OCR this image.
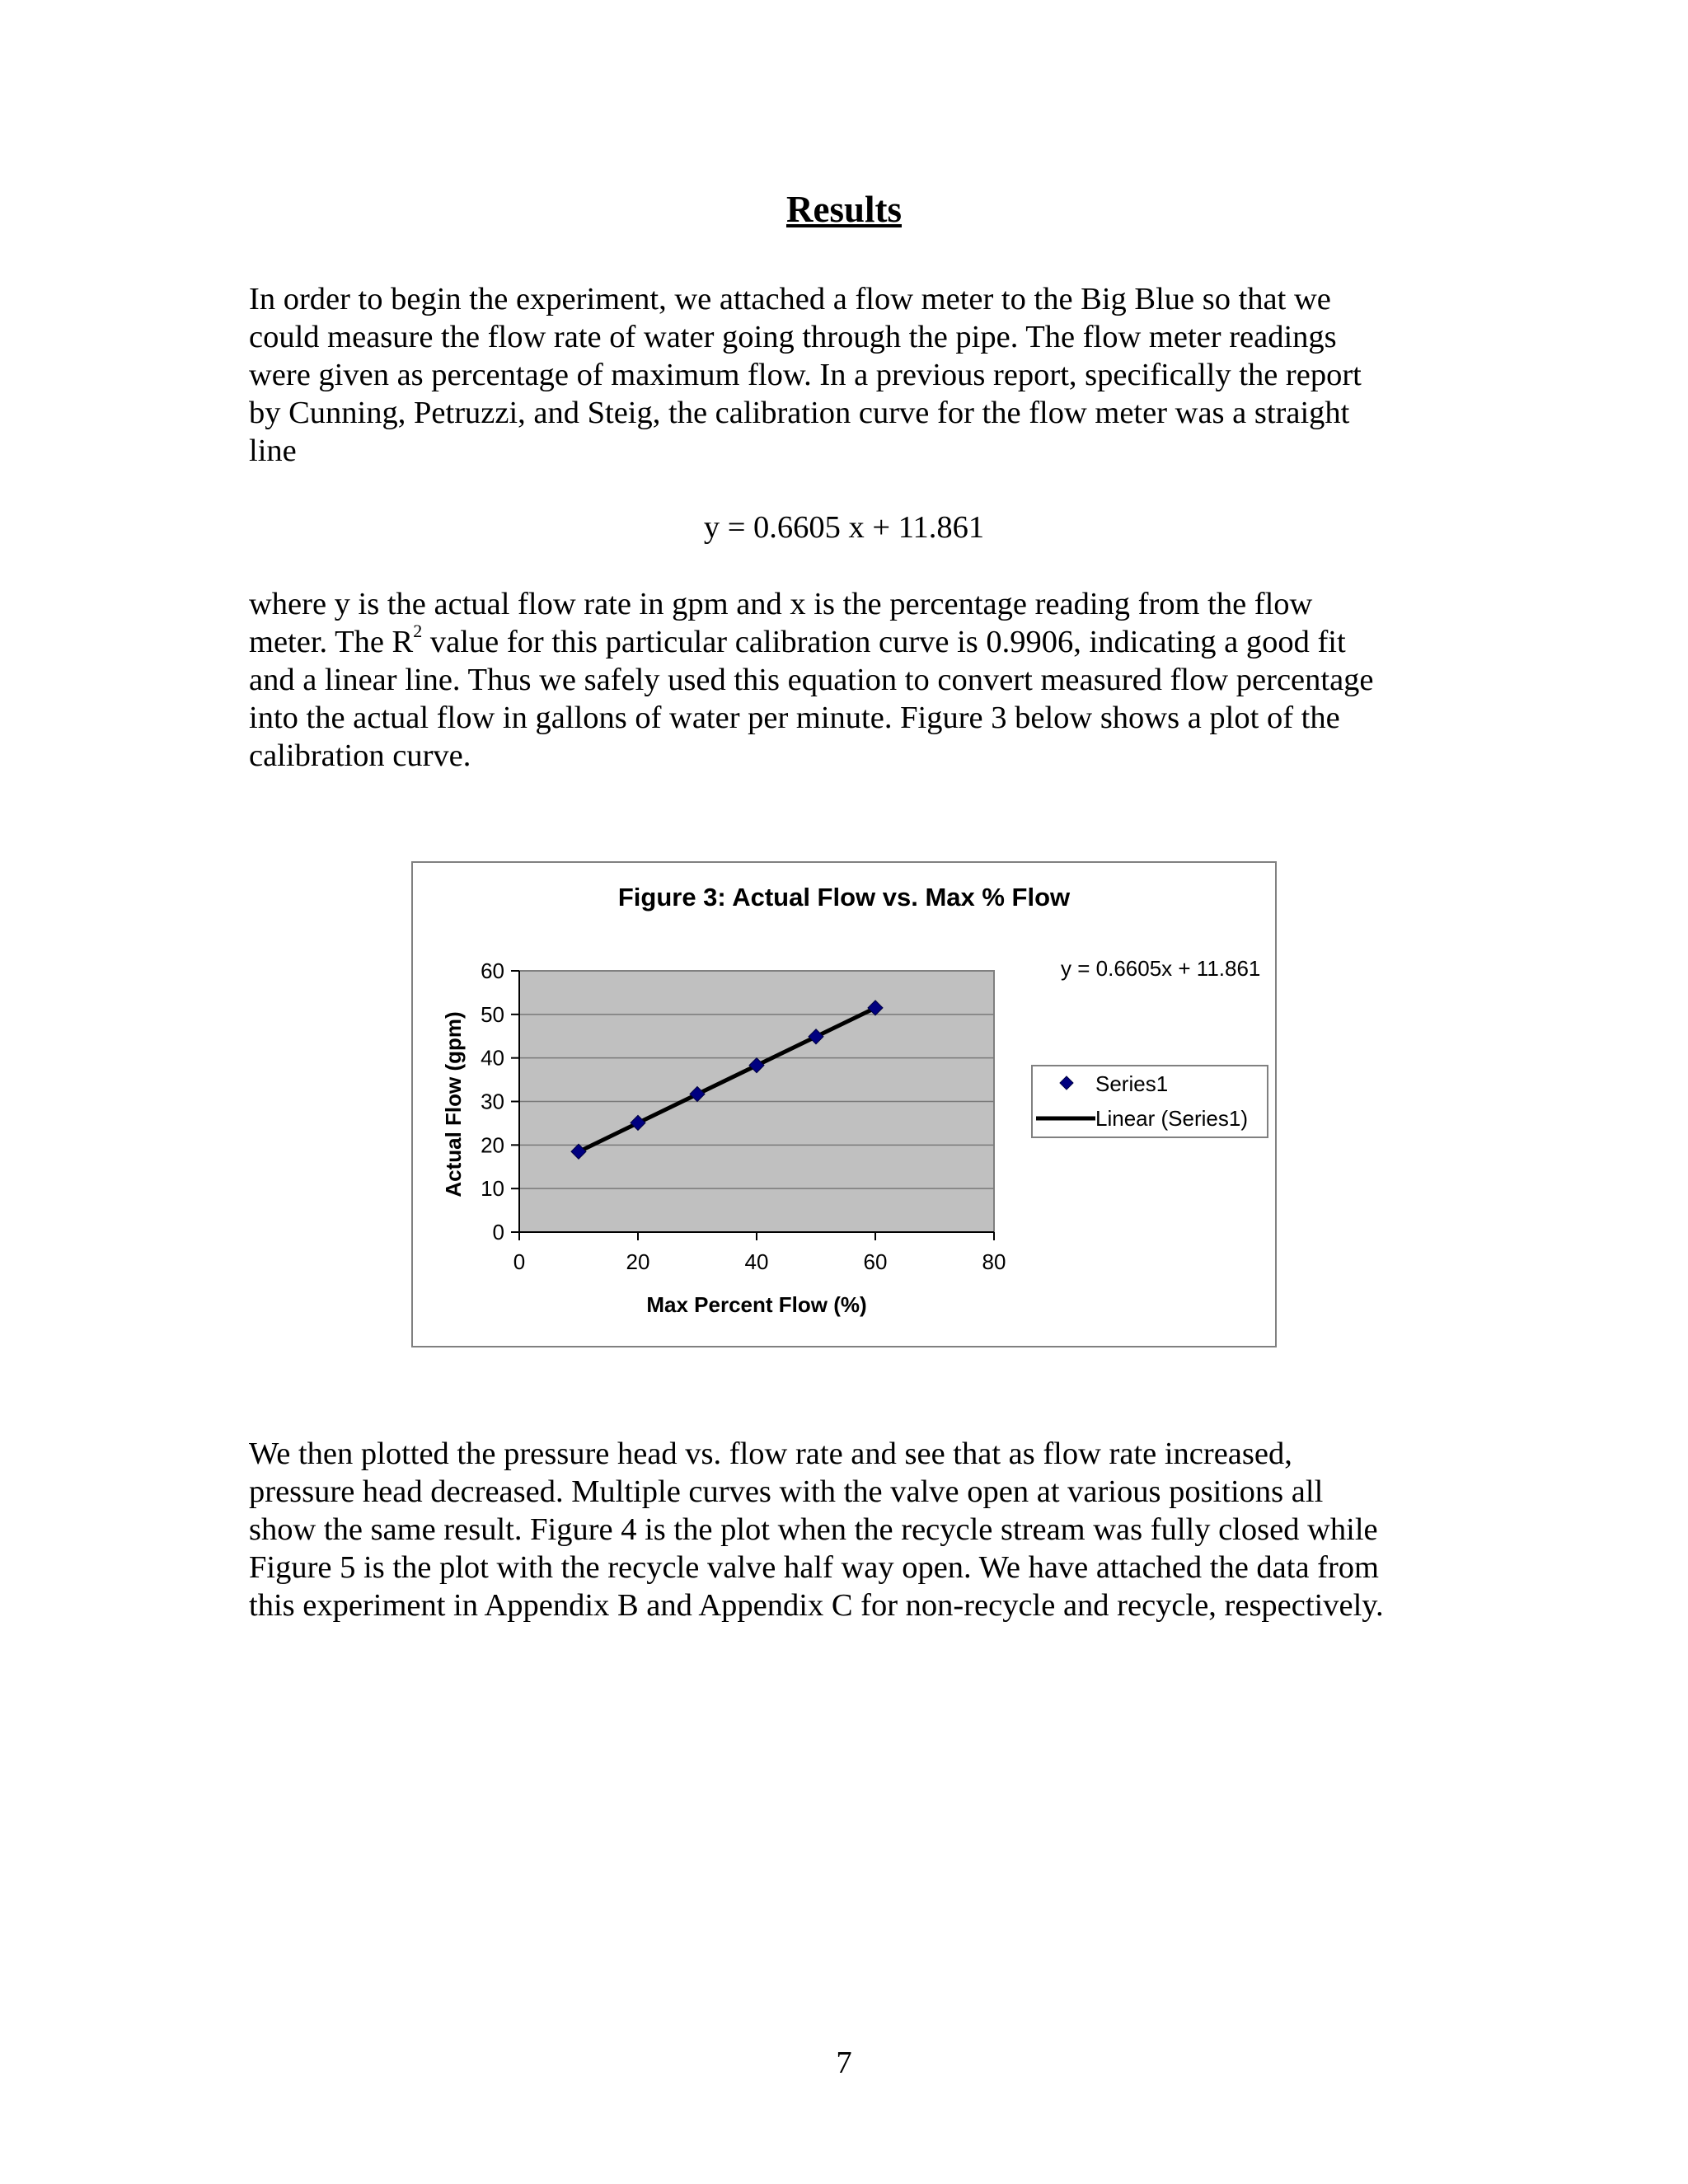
Results

In order to begin the experiment, we attached a flow meter to the Big Blue so that we
could measure the flow rate of water going through the pipe. The flow meter readings
were given as percentage of maximum flow. In a previous report, specifically the report
by Cunning, Petruzzi, and Steig, the calibration curve for the flow meter was a straight
line

y = 0.6605 x + 11.861

where y is the actual flow rate in gpm and x is the percentage reading from the flow
meter. The $R^2$ value for this particular calibration curve is 0.9906, indicating a good fit
and a linear line. Thus we safely used this equation to convert measured flow percentage
into the actual flow in gallons of water per minute. Figure 3 below shows a plot of the
calibration curve.

Figure 3: Actual Flow vs. Max % Flow
0
10
20
30
40
50
60
0	20	40	60	80
Max Percent Flow (%)
Actual Flow (gpm)
y = 0.6605x + 11.861
Series1
Linear (Series1)

We then plotted the pressure head vs. flow rate and see that as flow rate increased,
pressure head decreased. Multiple curves with the valve open at various positions all
show the same result. Figure 4 is the plot when the recycle stream was fully closed while
Figure 5 is the plot with the recycle valve half way open. We have attached the data from
this experiment in Appendix B and Appendix C for non-recycle and recycle, respectively.

7
